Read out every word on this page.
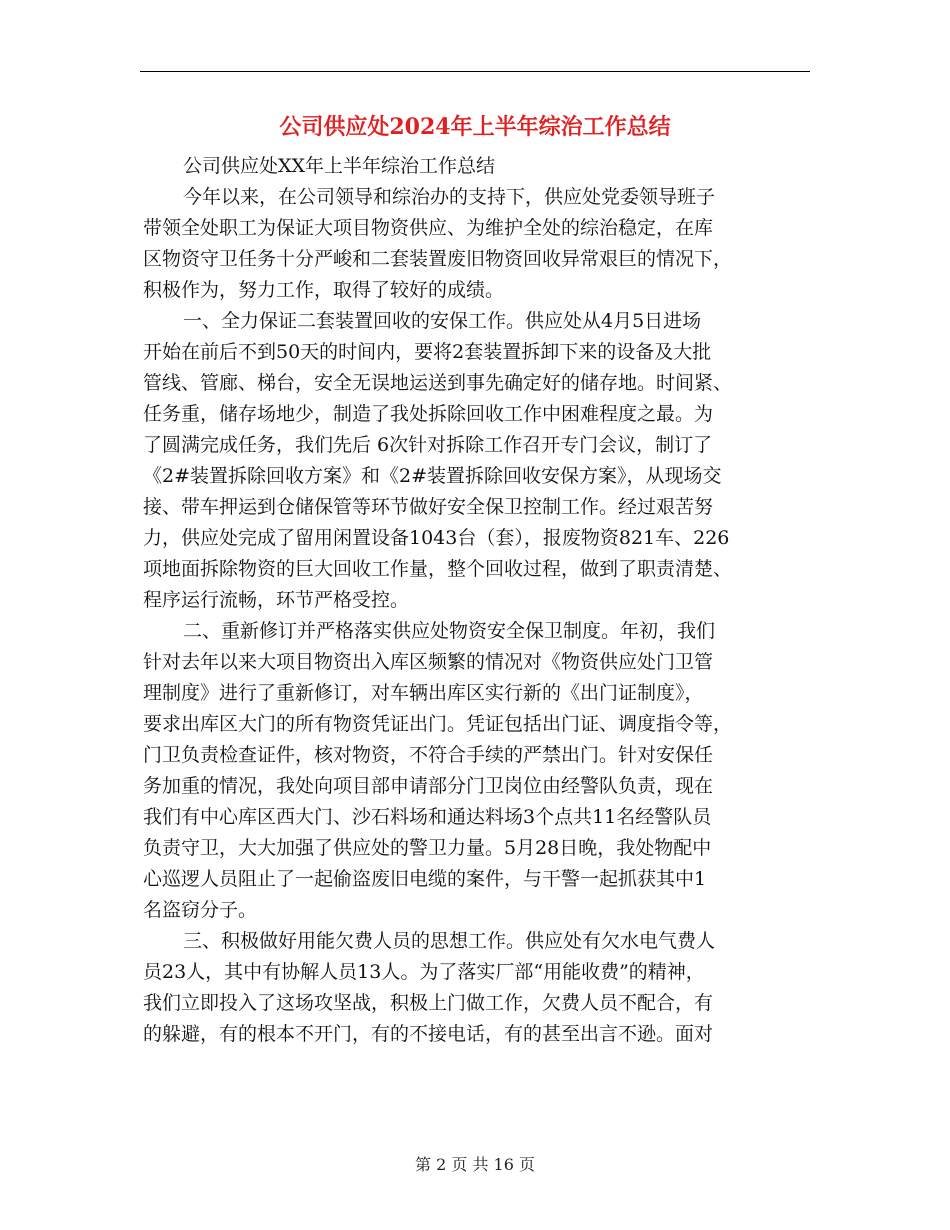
公司供应处2024年上半年综治工作总结
公司供应处XX年上半年综治工作总结
今年以来，在公司领导和综治办的支持下，供应处党委领导班子
带领全处职工为保证大项目物资供应、为维护全处的综治稳定，在库
区物资守卫任务十分严峻和二套装置废旧物资回收异常艰巨的情况下，
积极作为，努力工作，取得了较好的成绩。
一、全力保证二套装置回收的安保工作。供应处从4月5日进场
开始在前后不到50天的时间内，要将2套装置拆卸下来的设备及大批
管线、管廊、梯台，安全无误地运送到事先确定好的储存地。时间紧、
任务重，储存场地少，制造了我处拆除回收工作中困难程度之最。为
了圆满完成任务，我们先后 6次针对拆除工作召开专门会议，制订了
《2#装置拆除回收方案》和《2#装置拆除回收安保方案》，从现场交
接、带车押运到仓储保管等环节做好安全保卫控制工作。经过艰苦努
力，供应处完成了留用闲置设备1043台（套），报废物资821车、226
项地面拆除物资的巨大回收工作量，整个回收过程，做到了职责清楚、
程序运行流畅，环节严格受控。
二、重新修订并严格落实供应处物资安全保卫制度。年初，我们
针对去年以来大项目物资出入库区频繁的情况对《物资供应处门卫管
理制度》进行了重新修订，对车辆出库区实行新的《出门证制度》，
要求出库区大门的所有物资凭证出门。凭证包括出门证、调度指令等，
门卫负责检查证件，核对物资，不符合手续的严禁出门。针对安保任
务加重的情况，我处向项目部申请部分门卫岗位由经警队负责，现在
我们有中心库区西大门、沙石料场和通达料场3个点共11名经警队员
负责守卫，大大加强了供应处的警卫力量。5月28日晚，我处物配中
心巡逻人员阻止了一起偷盗废旧电缆的案件，与干警一起抓获其中1
名盗窃分子。
三、积极做好用能欠费人员的思想工作。供应处有欠水电气费人
员23人，其中有协解人员13人。为了落实厂部“用能收费”的精神，
我们立即投入了这场攻坚战，积极上门做工作，欠费人员不配合，有
的躲避，有的根本不开门，有的不接电话，有的甚至出言不逊。面对
第 2 页 共 16 页
